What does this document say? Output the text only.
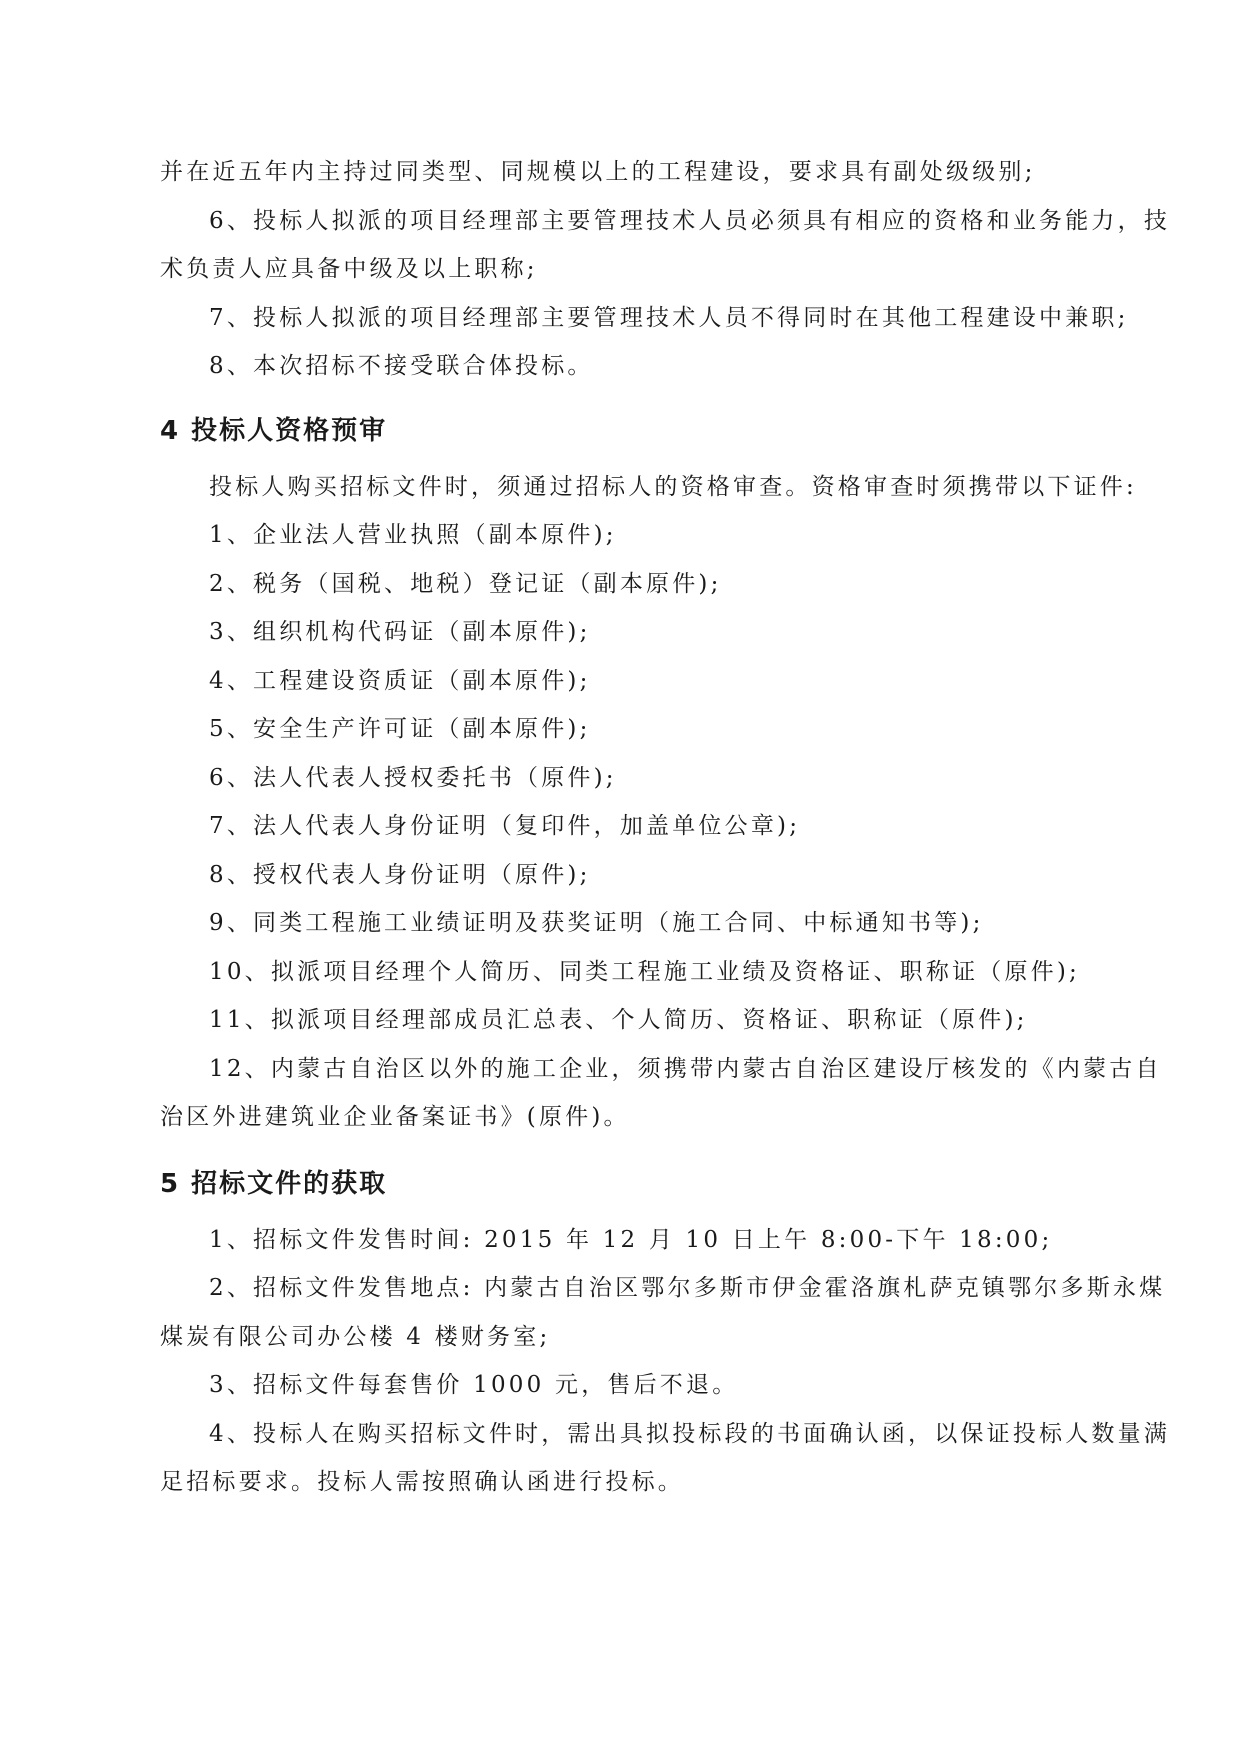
并在近五年内主持过同类型、同规模以上的工程建设，要求具有副处级级别;

6、投标人拟派的项目经理部主要管理技术人员必须具有相应的资格和业务能力，技

术负责人应具备中级及以上职称;

7、投标人拟派的项目经理部主要管理技术人员不得同时在其他工程建设中兼职;

8、本次招标不接受联合体投标。

4 投标人资格预审

投标人购买招标文件时，须通过招标人的资格审查。资格审查时须携带以下证件:

1、企业法人营业执照（副本原件);

2、税务（国税、地税）登记证（副本原件);

3、组织机构代码证（副本原件);

4、工程建设资质证（副本原件);

5、安全生产许可证（副本原件);

6、法人代表人授权委托书（原件);

7、法人代表人身份证明（复印件，加盖单位公章);

8、授权代表人身份证明（原件);

9、同类工程施工业绩证明及获奖证明（施工合同、中标通知书等);

10、拟派项目经理个人简历、同类工程施工业绩及资格证、职称证（原件);

11、拟派项目经理部成员汇总表、个人简历、资格证、职称证（原件);

12、内蒙古自治区以外的施工企业，须携带内蒙古自治区建设厅核发的《内蒙古自

治区外进建筑业企业备案证书》(原件)。

5 招标文件的获取

1、招标文件发售时间: 2015 年 12 月 10 日上午 8:00-下午 18:00;

2、招标文件发售地点: 内蒙古自治区鄂尔多斯市伊金霍洛旗札萨克镇鄂尔多斯永煤

煤炭有限公司办公楼 4 楼财务室;

3、招标文件每套售价 1000 元，售后不退。

4、投标人在购买招标文件时，需出具拟投标段的书面确认函，以保证投标人数量满

足招标要求。投标人需按照确认函进行投标。
